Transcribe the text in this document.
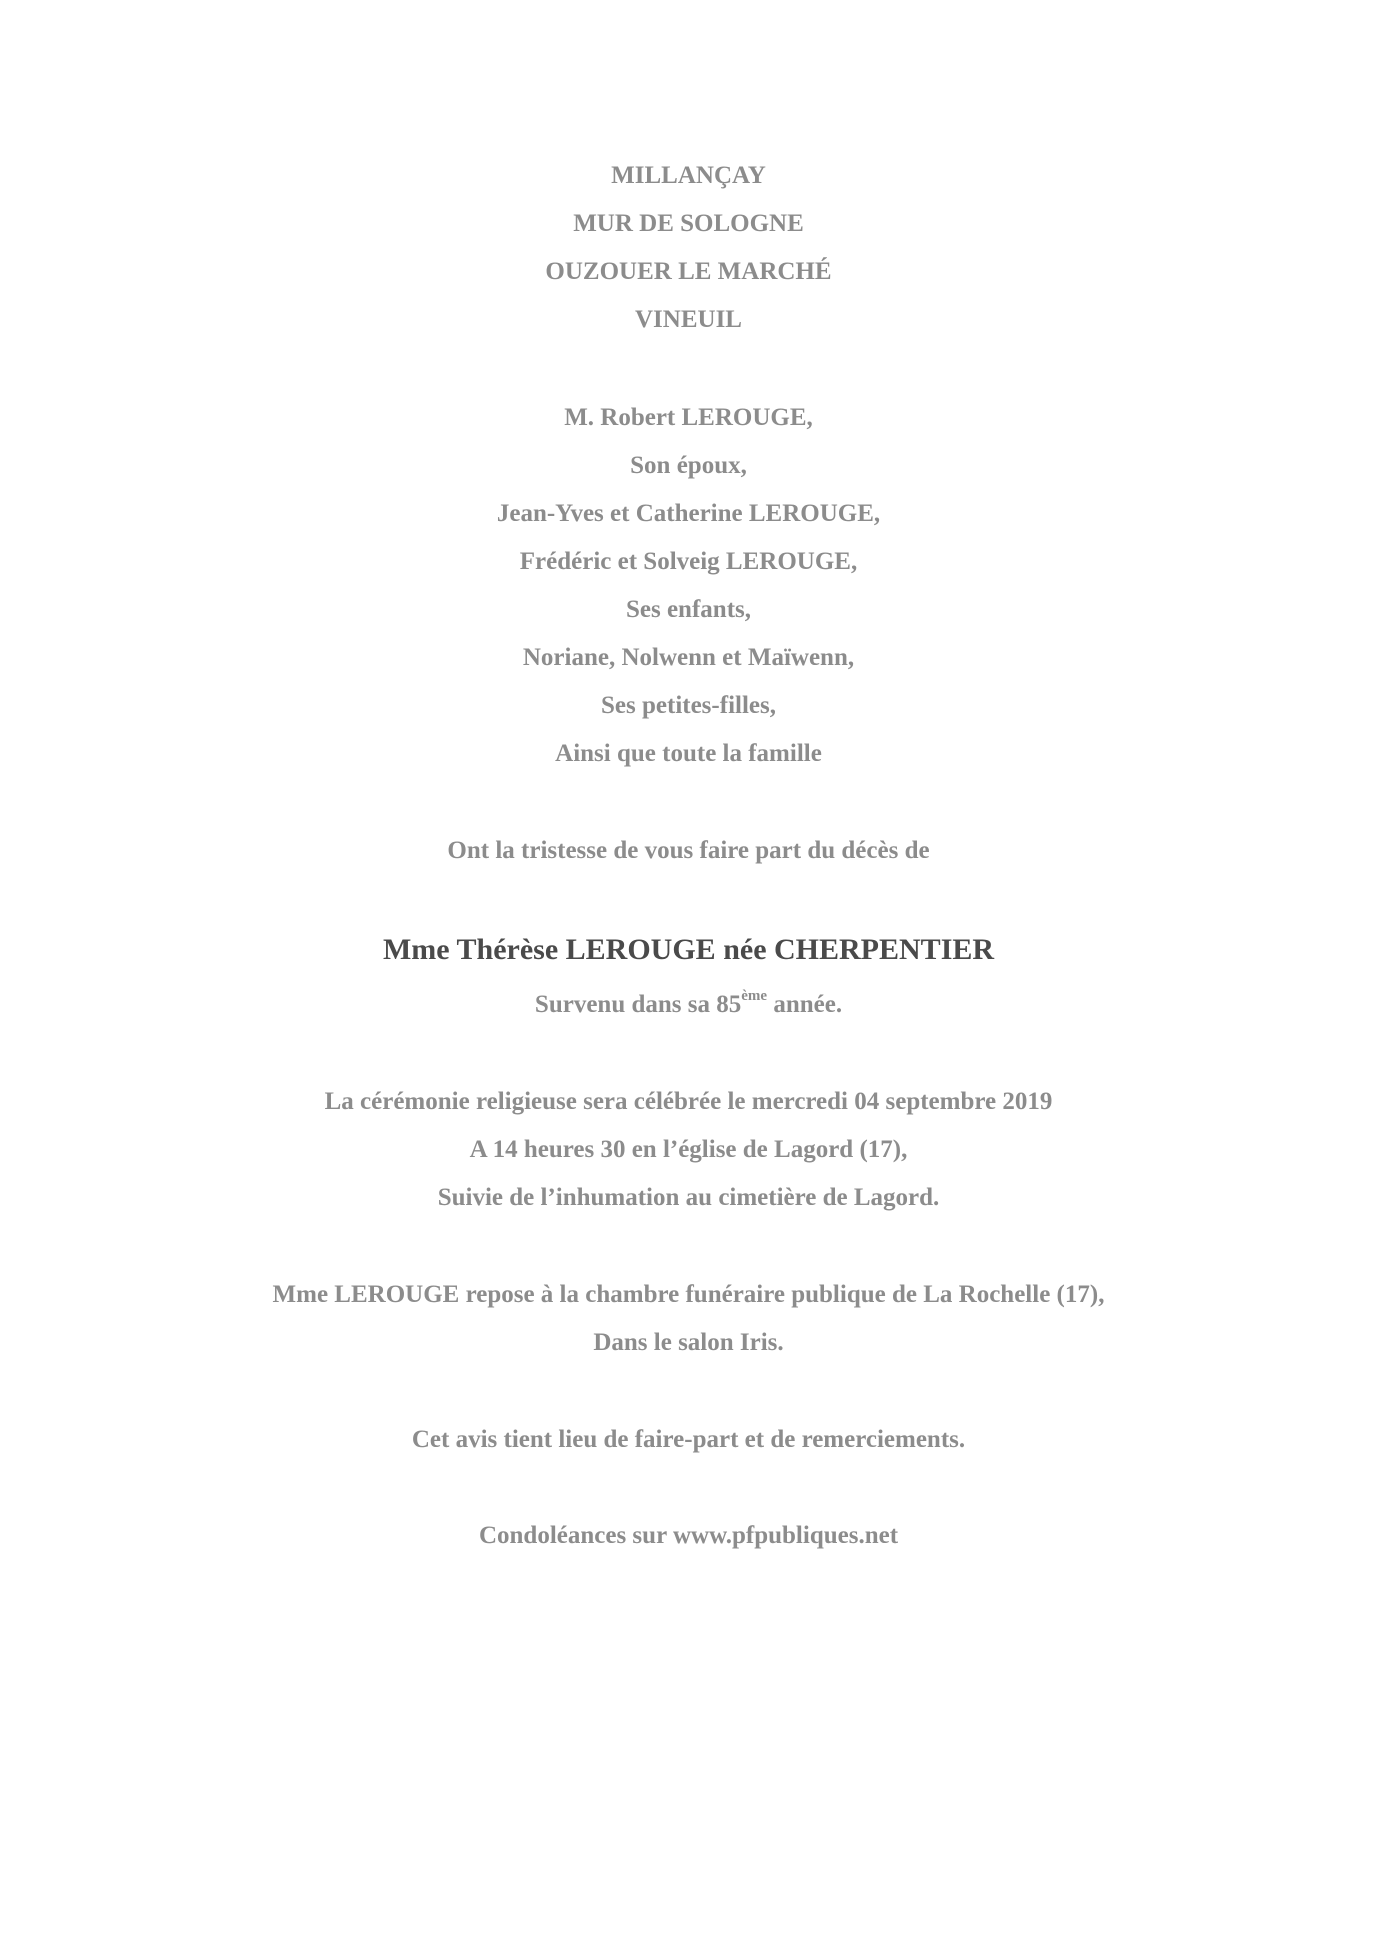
MILLANÇAY
MUR DE SOLOGNE
OUZOUER LE MARCHÉ
VINEUIL
M. Robert LEROUGE,
Son époux,
Jean-Yves et Catherine LEROUGE,
Frédéric et Solveig LEROUGE,
Ses enfants,
Noriane, Nolwenn et Maïwenn,
Ses petites-filles,
Ainsi que toute la famille
Ont la tristesse de vous faire part du décès de
Mme Thérèse LEROUGE née CHERPENTIER
Survenu dans sa 85ème année.
La cérémonie religieuse sera célébrée le mercredi 04 septembre 2019
A 14 heures 30 en l’église de Lagord (17),
Suivie de l’inhumation au cimetière de Lagord.
Mme LEROUGE repose à la chambre funéraire publique de La Rochelle (17),
Dans le salon Iris.
Cet avis tient lieu de faire-part et de remerciements.
Condoléances sur www.pfpubliques.net
